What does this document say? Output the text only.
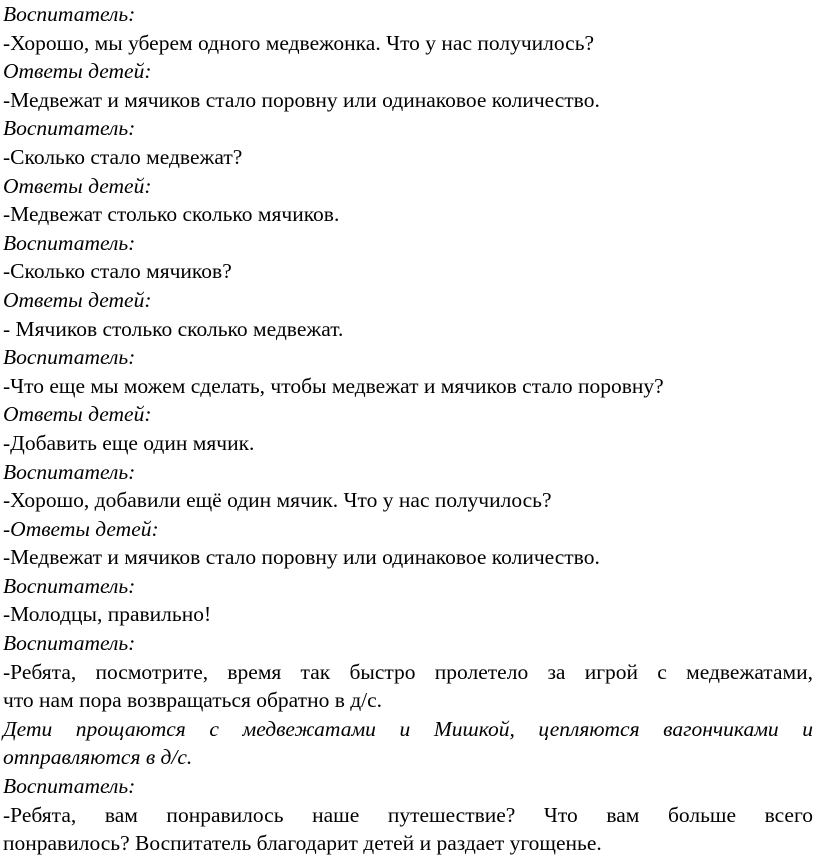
Воспитатель:
-Хорошо, мы уберем одного медвежонка. Что у нас получилось?
Ответы детей:
-Медвежат и мячиков стало поровну или одинаковое количество.
Воспитатель:
-Сколько стало медвежат?
Ответы детей:
-Медвежат столько сколько мячиков.
Воспитатель:
-Сколько стало мячиков?
Ответы детей:
- Мячиков столько сколько медвежат.
Воспитатель:
-Что еще мы можем сделать, чтобы медвежат и мячиков стало поровну?
Ответы детей:
-Добавить еще один мячик.
Воспитатель:
-Хорошо, добавили ещё один мячик. Что у нас получилось?
-Ответы детей:
-Медвежат и мячиков стало поровну или одинаковое количество.
Воспитатель:
-Молодцы, правильно!
Воспитатель:
-Ребята, посмотрите, время так быстро пролетело за игрой с медвежатами,
что нам пора возвращаться обратно в д/с.
Дети прощаются с медвежатами и Мишкой, цепляются вагончиками и
отправляются в д/с.
Воспитатель:
-Ребята, вам понравилось наше путешествие? Что вам больше всего
понравилось? Воспитатель благодарит детей и раздает угощенье.
